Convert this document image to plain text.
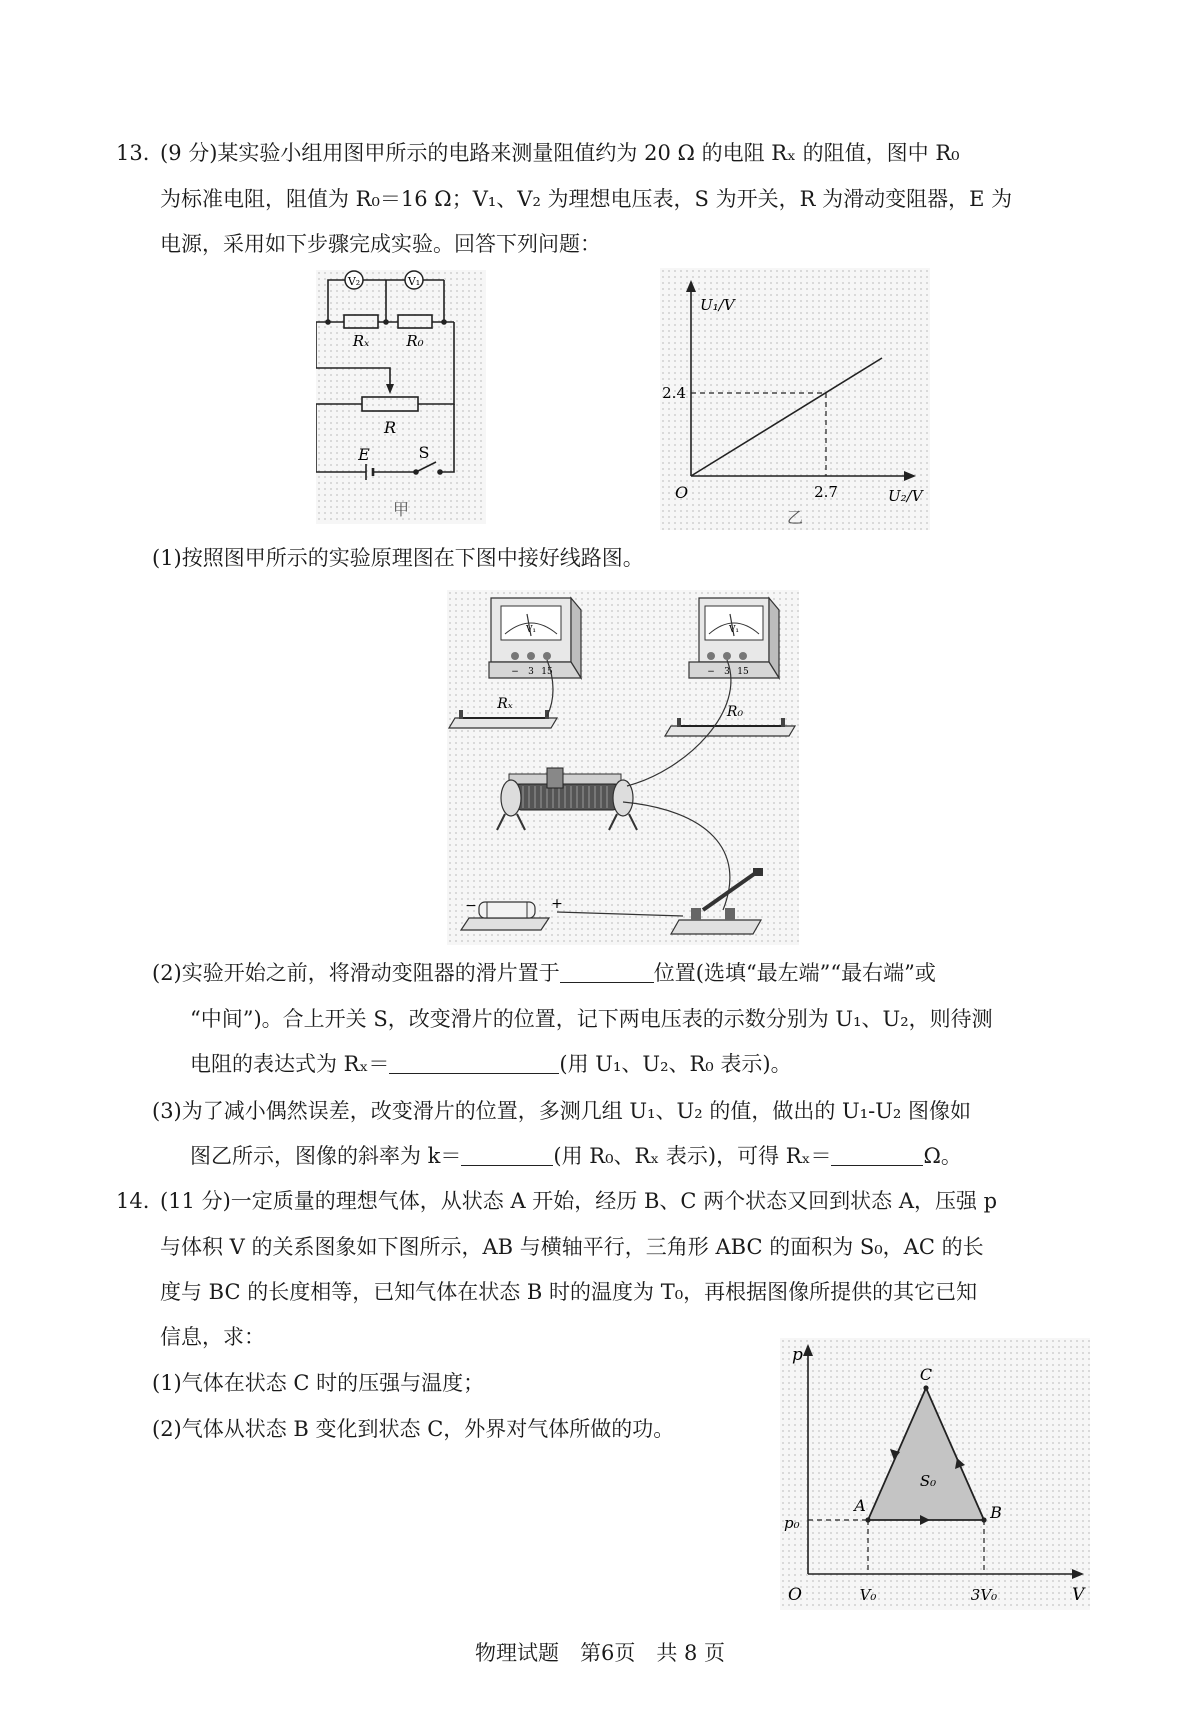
13. (9 分)某实验小组用图甲所示的电路来测量阻值约为 20 Ω 的电阻 Rₓ 的阻值，图中 R₀
为标准电阻，阻值为 R₀＝16 Ω；V₁、V₂ 为理想电压表，S 为开关，R 为滑动变阻器，E 为
电源，采用如下步骤完成实验。回答下列问题：
V₂	V₁
Rₓ R₀
R
E	S
甲
U₁/V
U₂/V
O
2.4
2.7
乙
(1)按照图甲所示的实验原理图在下图中接好线路图。
V₁
− 3 15
V₁
− 3 15
Rₓ	R₀
−	+
(2)实验开始之前，将滑动变阻器的滑片置于	位置(选填“最左端”“最右端”或
“中间”)。合上开关 S，改变滑片的位置，记下两电压表的示数分别为 U₁、U₂，则待测
电阻的表达式为 Rₓ＝	(用 U₁、U₂、R₀ 表示)。
(3)为了减小偶然误差，改变滑片的位置，多测几组 U₁、U₂ 的值，做出的 U₁-U₂ 图像如
图乙所示，图像的斜率为 k＝	(用 R₀、Rₓ 表示)，可得 Rₓ＝	Ω。
14. (11 分)一定质量的理想气体，从状态 A 开始，经历 B、C 两个状态又回到状态 A，压强 p
与体积 V 的关系图象如下图所示，AB 与横轴平行，三角形 ABC 的面积为 S₀，AC 的长
度与 BC 的长度相等，已知气体在状态 B 时的温度为 T₀，再根据图像所提供的其它已知
信息，求：
(1)气体在状态 C 时的压强与温度；
(2)气体从状态 B 变化到状态 C，外界对气体所做的功。
p
V
O
p₀
V₀	3V₀
A	B
C
S₀
物理试题　第6页　共 8 页
